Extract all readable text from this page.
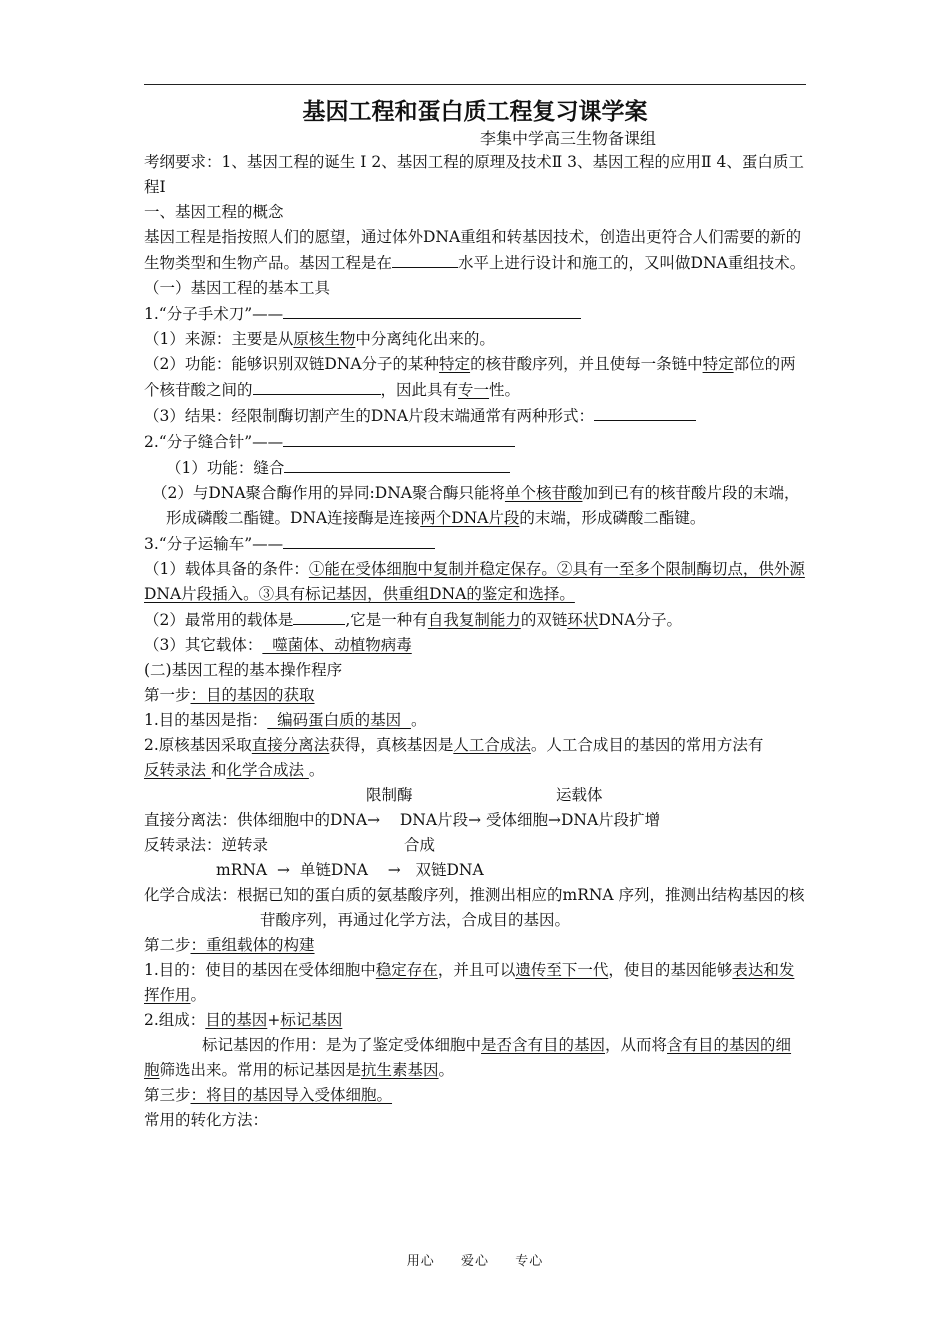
基因工程和蛋白质工程复习课学案
李集中学高三生物备课组
考纲要求：1、基因工程的诞生 Ⅰ 2、基因工程的原理及技术Ⅱ 3、基因工程的应用Ⅱ 4、蛋白质工程Ⅰ
一、基因工程的概念
基因工程是指按照人们的愿望，通过体外DNA重组和转基因技术，创造出更符合人们需要的新的生物类型和生物产品。基因工程是在	水平上进行设计和施工的，又叫做DNA重组技术。
（一）基因工程的基本工具
1.“分子手术刀”——
（1）来源：主要是从原核生物中分离纯化出来的。
（2）功能：能够识别双链DNA分子的某种特定的核苷酸序列，并且使每一条链中特定部位的两个核苷酸之间的	，因此具有专一性。
（3）结果：经限制酶切割产生的DNA片段末端通常有两种形式：
2.“分子缝合针”——
（1）功能：缝合
（2）与DNA聚合酶作用的异同:DNA聚合酶只能将单个核苷酸加到已有的核苷酸片段的末端，形成磷酸二酯键。DNA连接酶是连接两个DNA片段的末端，形成磷酸二酯键。
3.“分子运输车”——
（1）载体具备的条件：①能在受体细胞中复制并稳定保存。②具有一至多个限制酶切点，供外源DNA片段插入。③具有标记基因，供重组DNA的鉴定和选择。
（2）最常用的载体是	,它是一种有自我复制能力的双链环状DNA分子。
（3）其它载体：  噬菌体、动植物病毒
(二)基因工程的基本操作程序
第一步：目的基因的获取
1.目的基因是指：  编码蛋白质的基因  。
2.原核基因采取直接分离法获得，真核基因是人工合成法。人工合成目的基因的常用方法有反转录法 和化学合成法 。
限制酶	运载体
直接分离法：供体细胞中的DNA→    DNA片段→ 受体细胞→DNA片段扩增
反转录法：逆转录	合成
mRNA  →  单链DNA    →   双链DNA
化学合成法：根据已知的蛋白质的氨基酸序列，推测出相应的mRNA 序列，推测出结构基因的核苷酸序列，再通过化学方法，合成目的基因。
第二步：重组载体的构建
1.目的：使目的基因在受体细胞中稳定存在，并且可以遗传至下一代，使目的基因能够表达和发挥作用。
2.组成：目的基因+标记基因
标记基因的作用：是为了鉴定受体细胞中是否含有目的基因，从而将含有目的基因的细胞筛选出来。常用的标记基因是抗生素基因。
第三步：将目的基因导入受体细胞。
常用的转化方法：
用心  爱心  专心
